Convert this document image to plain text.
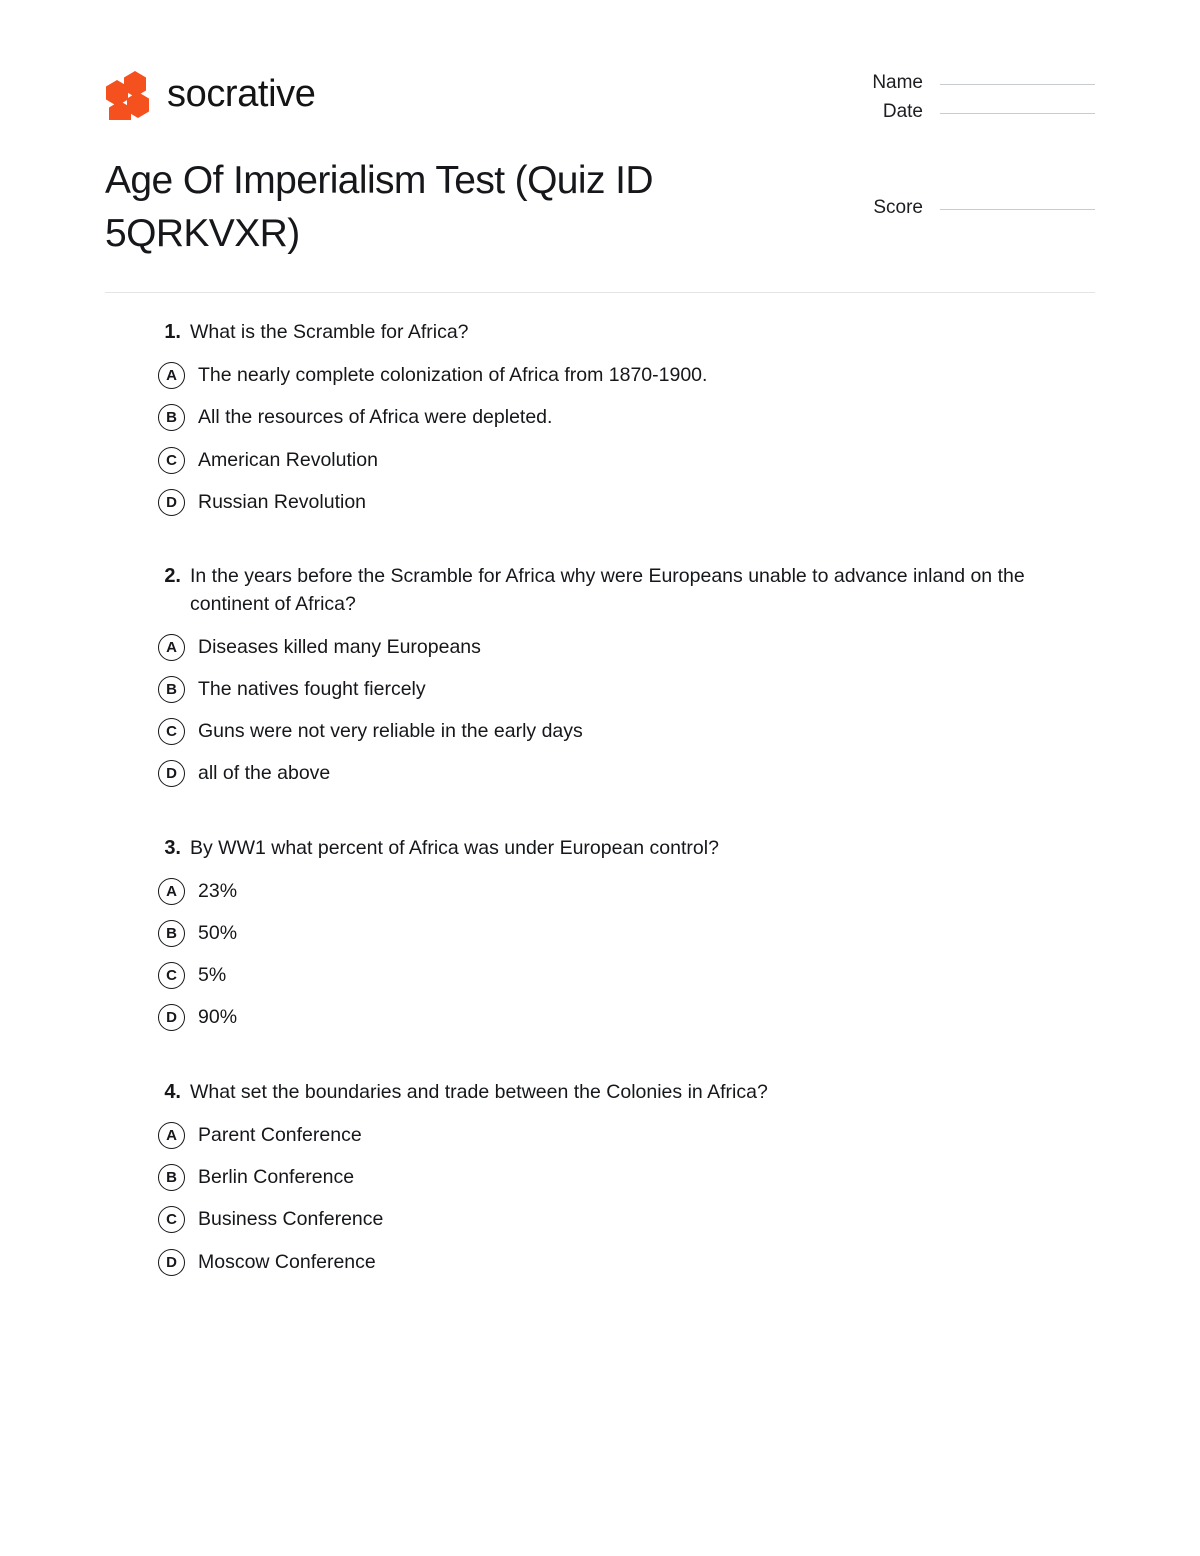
socrative	Name
Date
Score
Age Of Imperialism Test (Quiz ID 5QRKVXR)
1. What is the Scramble for Africa?
A	The nearly complete colonization of Africa from 1870-1900.
B	All the resources of Africa were depleted.
C	American Revolution
D	Russian Revolution
2. In the years before the Scramble for Africa why were Europeans unable to advance inland on the continent of Africa?
A	Diseases killed many Europeans
B	The natives fought fiercely
C	Guns were not very reliable in the early days
D	all of the above
3. By WW1 what percent of Africa was under European control?
A	23%
B	50%
C	5%
D	90%
4. What set the boundaries and trade between the Colonies in Africa?
A	Parent Conference
B	Berlin Conference
C	Business Conference
D	Moscow Conference
